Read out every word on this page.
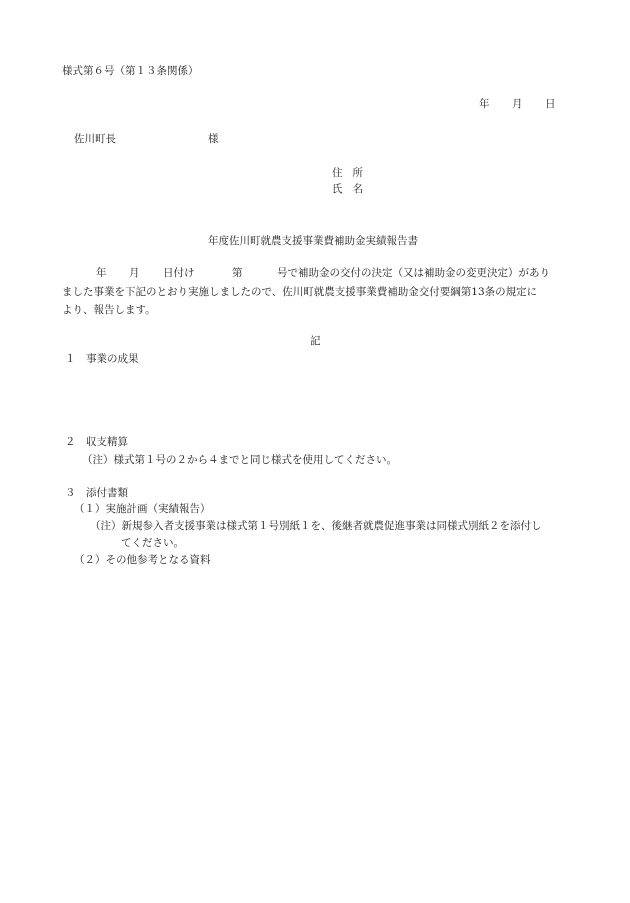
様式第６号（第１３条関係）
年 月 日
佐川町長	様
住所
氏名
年度佐川町就農支援事業費補助金実績報告書
年 月 日付け	第	号で補助金の交付の決定（又は補助金の変更決定）があり
ました事業を下記のとおり実施しましたので、佐川町就農支援事業費補助金交付要綱第13条の規定に
より、報告します。
記
１ 事業の成果
２ 収支精算
（注）様式第１号の２から４までと同じ様式を使用してください。
３ 添付書類
（１）実施計画（実績報告）
（注）新規参入者支援事業は様式第１号別紙１を、後継者就農促進事業は同様式別紙２を添付し
てください。
（２）その他参考となる資料
